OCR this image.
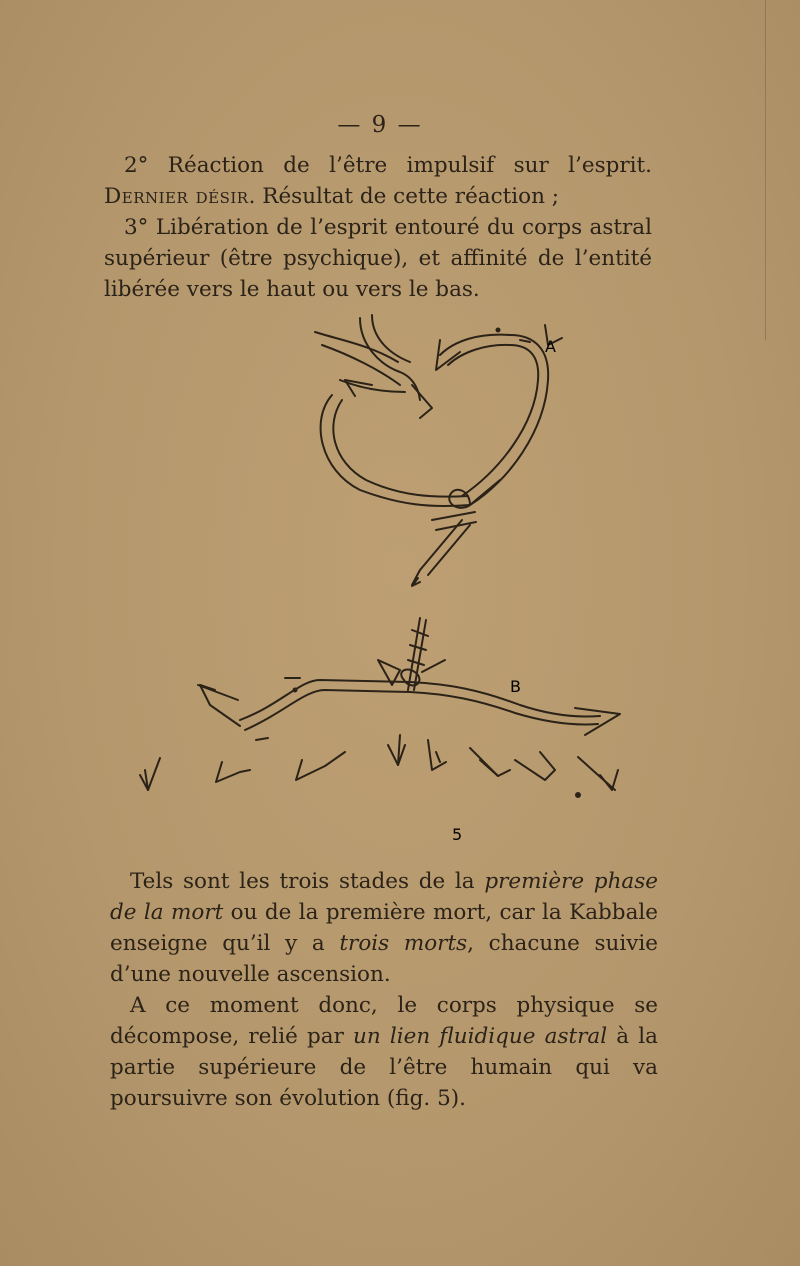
— 9 —

2° Réaction de l’être impulsif sur l’esprit. Dernier désir. Résultat de cette réaction ;

3° Libération de l’esprit entouré du corps astral supérieur (être psychique), et affinité de l’entité libérée vers le haut ou vers le bas.

A
B
5

Tels sont les trois stades de la première phase de la mort ou de la première mort, car la Kabbale enseigne qu’il y a trois morts, chacune suivie d’une nouvelle ascension.

A ce moment donc, le corps physique se décompose, relié par un lien fluidique astral à la partie supérieure de l’être humain qui va poursuivre son évolution (fig. 5).
